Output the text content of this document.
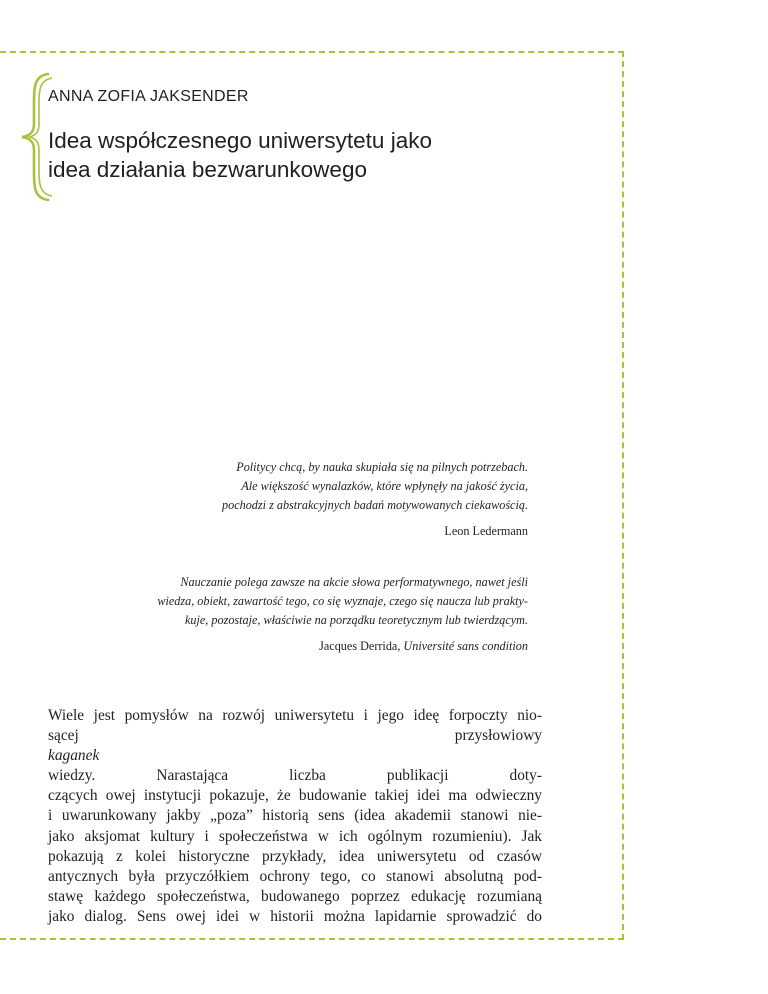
ANNA ZOFIA JAKSENDER

Idea współczesnego uniwersytetu jako
idea działania bezwarunkowego
Politycy chcą, by nauka skupiała się na pilnych potrzebach.
Ale większość wynalazków, które wpłynęły na jakość życia,
pochodzi z abstrakcyjnych badań motywowanych ciekawością.
Leon Ledermann
Nauczanie polega zawsze na akcie słowa performatywnego, nawet jeśli
wiedza, obiekt, zawartość tego, co się wyznaje, czego się naucza lub prakty-
kuje, pozostaje, właściwie na porządku teoretycznym lub twierdzącym.
Jacques Derrida, Université sans condition
Wiele jest pomysłów na rozwój uniwersytetu i jego ideę forpoczty nio-
sącej przysłowiowy
kaganek
wiedzy. Narastająca liczba publikacji doty-
czących owej instytucji pokazuje, że budowanie takiej idei ma odwieczny
i uwarunkowany jakby „poza” historią sens (idea akademii stanowi nie-
jako aksjomat kultury i społeczeństwa w ich ogólnym rozumieniu). Jak
pokazują z kolei historyczne przykłady, idea uniwersytetu od czasów
antycznych była przyczółkiem ochrony tego, co stanowi absolutną pod-
stawę każdego społeczeństwa, budowanego poprzez edukację rozumianą
jako dialog. Sens owej idei w historii można lapidarnie sprowadzić do
